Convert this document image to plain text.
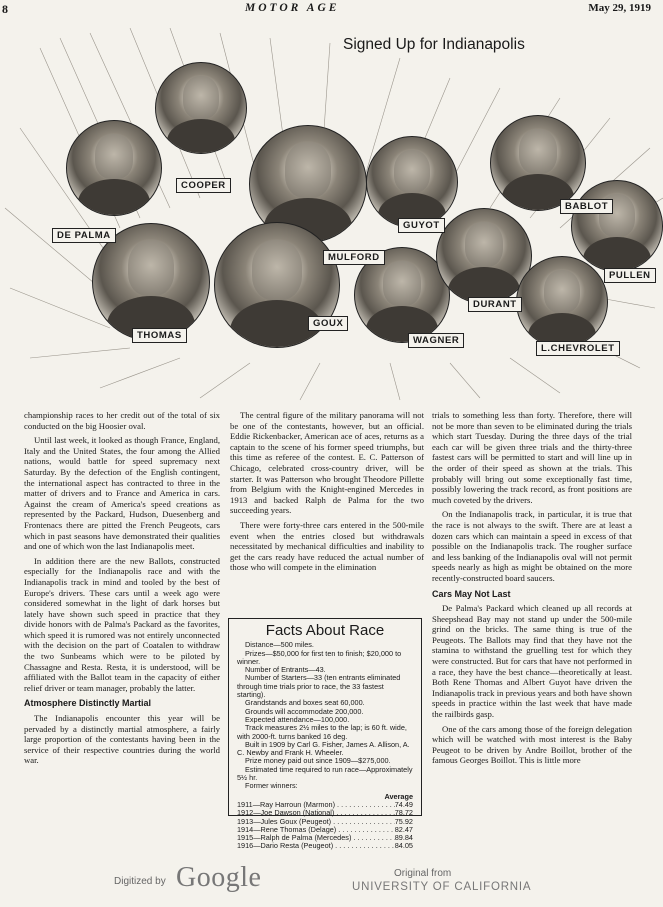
8	MOTOR AGE	May 29, 1919
Signed Up for Indianapolis
DE PALMA
COOPER
MULFORD
GUYOT
BABLOT
PULLEN
THOMAS
GOUX
WAGNER
DURANT
L.CHEVROLET

championship races to her credit out of the total of six conducted on the big Hoosier oval.

Until last week, it looked as though France, England, Italy and the United States, the four among the Allied nations, would battle for speed supremacy next Saturday. By the defection of the English contingent, the international aspect has contracted to three in the matter of drivers and to France and America in cars. Against the cream of America's speed creations as represented by the Packard, Hudson, Duesenberg and Frontenacs there are pitted the French Peugeots, cars which in past seasons have demonstrated their qualities and one of which won the last Indianapolis meet.

In addition there are the new Ballots, constructed especially for the Indianapolis race and with the Indianapolis track in mind and tooled by the best of Europe's drivers. These cars until a week ago were considered somewhat in the light of dark horses but lately have shown such speed in practice that they divide honors with de Palma's Packard as the favorites, which speed it is rumored was not entirely unconnected with the decision on the part of Coatalen to withdraw the two Sunbeams which were to be piloted by Chassagne and Resta. Resta, it is understood, will be affiliated with the Ballot team in the capacity of either relief driver or team manager, probably the latter.

Atmosphere Distinctly Martial

The Indianapolis encounter this year will be pervaded by a distinctly martial atmosphere, a fairly large proportion of the contestants having been in the service of their respective countries during the world war.

The central figure of the military panorama will not be one of the contestants, however, but an official. Eddie Rickenbacker, American ace of aces, returns as a captain to the scene of his former speed triumphs, but this time as referee of the contest. E. C. Patterson of Chicago, celebrated cross-country driver, will be starter. It was Patterson who brought Theodore Pillette from Belgium with the Knight-engined Mercedes in 1913 and backed Ralph de Palma for the two succeeding years.

There were forty-three cars entered in the 500-mile event when the entries closed but withdrawals necessitated by mechanical difficulties and inability to get the cars ready have reduced the actual number of those who will compete in the elimination

Facts About Race
Distance—500 miles.
Prizes—$50,000 for first ten to finish; $20,000 to winner.
Number of Entrants—43.
Number of Starters—33 (ten entrants eliminated through time trials prior to race, the 33 fastest starting).
Grandstands and boxes seat 60,000.
Grounds will accommodate 200,000.
Expected attendance—100,000.
Track measures 2½ miles to the lap; is 60 ft. wide, with 2000-ft. turns banked 16 deg.
Built in 1909 by Carl G. Fisher, James A. Allison, A. C. Newby and Frank H. Wheeler.
Prize money paid out since 1909—$275,000.
Estimated time required to run race—Approximately 5½ hr.
Former winners:
Average
1911—Ray Harroun (Marmon) . . .	74.49
1912—Joe Dawson (National) . . .	78.72
1913—Jules Goux (Peugeot) . . .	75.92
1914—Rene Thomas (Delage) . . .	82.47
1915—Ralph de Palma (Mercedes) . . .	89.84
1916—Dario Resta (Peugeot) . . .	84.05

trials to something less than forty. Therefore, there will not be more than seven to be eliminated during the trials which start Tuesday. During the three days of the trial each car will be given three trials and the thirty-three fastest cars will be permitted to start and will line up in the order of their speed as shown at the trials. This probably will bring out some exceptionally fast time, possibly lowering the track record, as front positions are much coveted by the drivers.

On the Indianapolis track, in particular, it is true that the race is not always to the swift. There are at least a dozen cars which can maintain a speed in excess of that possible on the Indianapolis track. The rougher surface and less banking of the Indianapolis oval will not permit speeds nearly as high as might be obtained on the more recently-constructed board saucers.

Cars May Not Last

De Palma's Packard which cleaned up all records at Sheepshead Bay may not stand up under the 500-mile grind on the bricks. The same thing is true of the Peugeots. The Ballots may find that they have not the stamina to withstand the gruelling test for which they were constructed. But for cars that have not performed in a race, they have the best chance—theoretically at least. Both Rene Thomas and Albert Guyot have driven the Indianapolis track in previous years and both have shown speeds in practice within the last week that have made the railbirds gasp.

One of the cars among those of the foreign delegation which will be watched with most interest is the Baby Peugeot to be driven by Andre Boillot, brother of the famous Georges Boillot. This is little more

Digitized by Google	Original from
UNIVERSITY OF CALIFORNIA
